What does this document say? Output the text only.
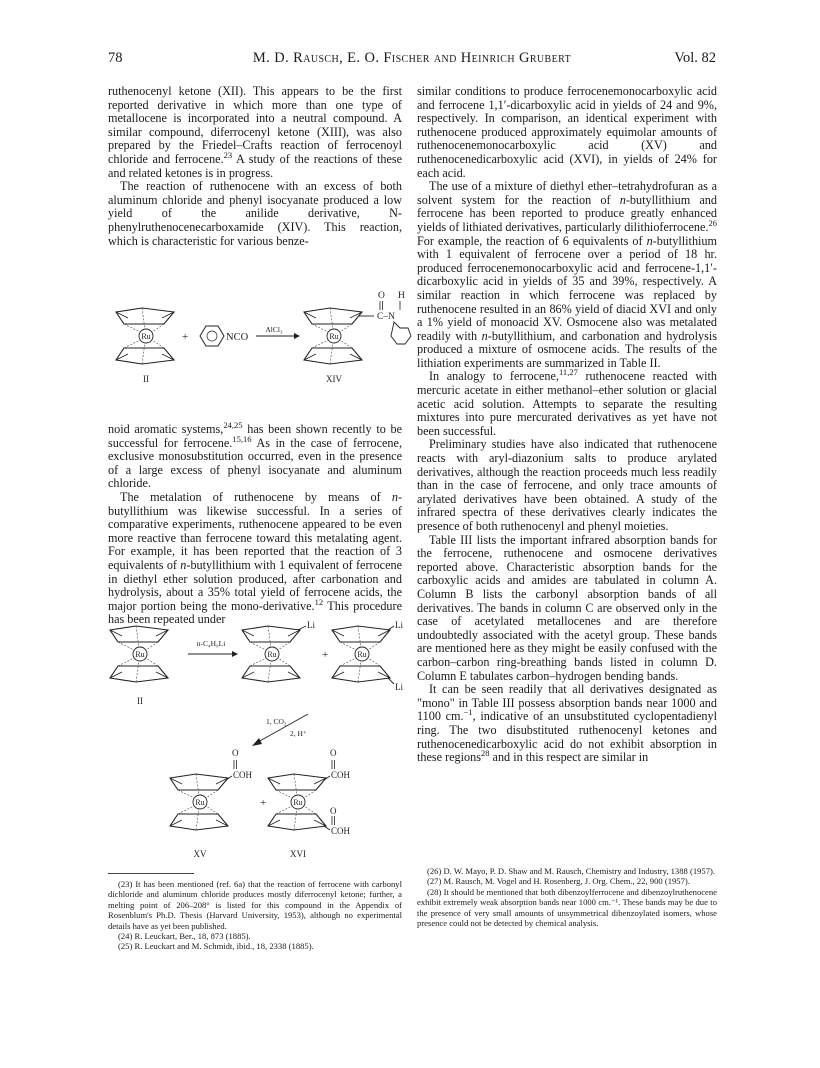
78	M. D. Rausch, E. O. Fischer and Heinrich Grubert	Vol. 82

ruthenocenyl ketone (XII). This appears to be the first reported derivative in which more than one type of metallocene is incorporated into a neutral compound. A similar compound, diferrocenyl ketone (XIII), was also prepared by the Friedel–Crafts reaction of ferrocenoyl chloride and ferrocene.$^{23}$ A study of the reactions of these and related ketones is in progress.

The reaction of ruthenocene with an excess of both aluminum chloride and phenyl isocyanate produced a low yield of the anilide derivative, N-phenylruthenocenecarboxamide (XIV). This reaction, which is characteristic for various benze-

Ru	+	NCO
AlCl₃
Ru
C–N
O H
II	XIV

noid aromatic systems,$^{24,25}$ has been shown recently to be successful for ferrocene.$^{15,16}$ As in the case of ferrocene, exclusive monosubstitution occurred, even in the presence of a large excess of phenyl isocyanate and aluminum chloride.

The metalation of ruthenocene by means of n-butyllithium was likewise successful. In a series of comparative experiments, ruthenocene appeared to be even more reactive than ferrocene toward this metalating agent. For example, it has been reported that the reaction of 3 equivalents of n-butyllithium with 1 equivalent of ferrocene in diethyl ether solution produced, after carbonation and hydrolysis, about a 35% total yield of ferrocene acids, the major portion being the mono-derivative.$^{12}$ This procedure has been repeated under

Ru
II
n-C₄H₉Li
Ru
Li
+	Ru
Li
Li
1, CO₂
2, H⁺
Ru
COH
O
XV
+	Ru
COH
O
COH
O
XVI

similar conditions to produce ferrocenemonocarboxylic acid and ferrocene 1,1′-dicarboxylic acid in yields of 24 and 9%, respectively. In comparison, an identical experiment with ruthenocene produced approximately equimolar amounts of ruthenocenemonocarboxylic acid (XV) and ruthenocenedicarboxylic acid (XVI), in yields of 24% for each acid.

The use of a mixture of diethyl ether–tetrahydrofuran as a solvent system for the reaction of n-butyllithium and ferrocene has been reported to produce greatly enhanced yields of lithiated derivatives, particularly dilithioferrocene.$^{26}$ For example, the reaction of 6 equivalents of n-butyllithium with 1 equivalent of ferrocene over a period of 18 hr. produced ferrocenemonocarboxylic acid and ferrocene-1,1′-dicarboxylic acid in yields of 35 and 39%, respectively. A similar reaction in which ferrocene was replaced by ruthenocene resulted in an 86% yield of diacid XVI and only a 1% yield of monoacid XV. Osmocene also was metalated readily with n-butyllithium, and carbonation and hydrolysis produced a mixture of osmocene acids. The results of the lithiation experiments are summarized in Table II.

In analogy to ferrocene,$^{11,27}$ ruthenocene reacted with mercuric acetate in either methanol–ether solution or glacial acetic acid solution. Attempts to separate the resulting mixtures into pure mercurated derivatives as yet have not been successful.

Preliminary studies have also indicated that ruthenocene reacts with aryl-diazonium salts to produce arylated derivatives, although the reaction proceeds much less readily than in the case of ferrocene, and only trace amounts of arylated derivatives have been obtained. A study of the infrared spectra of these derivatives clearly indicates the presence of both ruthenocenyl and phenyl moieties.

Table III lists the important infrared absorption bands for the ferrocene, ruthenocene and osmocene derivatives reported above. Characteristic absorption bands for the carboxylic acids and amides are tabulated in column A. Column B lists the carbonyl absorption bands of all derivatives. The bands in column C are observed only in the case of acetylated metallocenes and are therefore undoubtedly associated with the acetyl group. These bands are mentioned here as they might be easily confused with the carbon–carbon ring-breathing bands listed in column D. Column E tabulates carbon–hydrogen bending bands.

It can be seen readily that all derivatives designated as "mono" in Table III possess absorption bands near 1000 and 1100 cm.$^{-1}$, indicative of an unsubstituted cyclopentadienyl ring. The two disubstituted ruthenocenyl ketones and ruthenocenedicarboxylic acid do not exhibit absorption in these regions$^{28}$ and in this respect are similar in

(23) It has been mentioned (ref. 6a) that the reaction of ferrocene with carbonyl dichloride and aluminum chloride produces mostly diferrocenyl ketone; further, a melting point of 206–208° is listed for this compound in the Appendix of Rosenblum's Ph.D. Thesis (Harvard University, 1953), although no experimental details have as yet been published.

(24) R. Leuckart, Ber., 18, 873 (1885).

(25) R. Leuckart and M. Schmidt, ibid., 18, 2338 (1885).

(26) D. W. Mayo, P. D. Shaw and M. Rausch, Chemistry and Industry, 1388 (1957).

(27) M. Rausch, M. Vogel and H. Rosenberg, J. Org. Chem., 22, 900 (1957).

(28) It should be mentioned that both dibenzoylferrocene and dibenzoylruthenocene exhibit extremely weak absorption bands near 1000 cm.⁻¹. These bands may be due to the presence of very small amounts of unsymmetrical dibenzoylated isomers, whose presence could not be detected by chemical analysis.
